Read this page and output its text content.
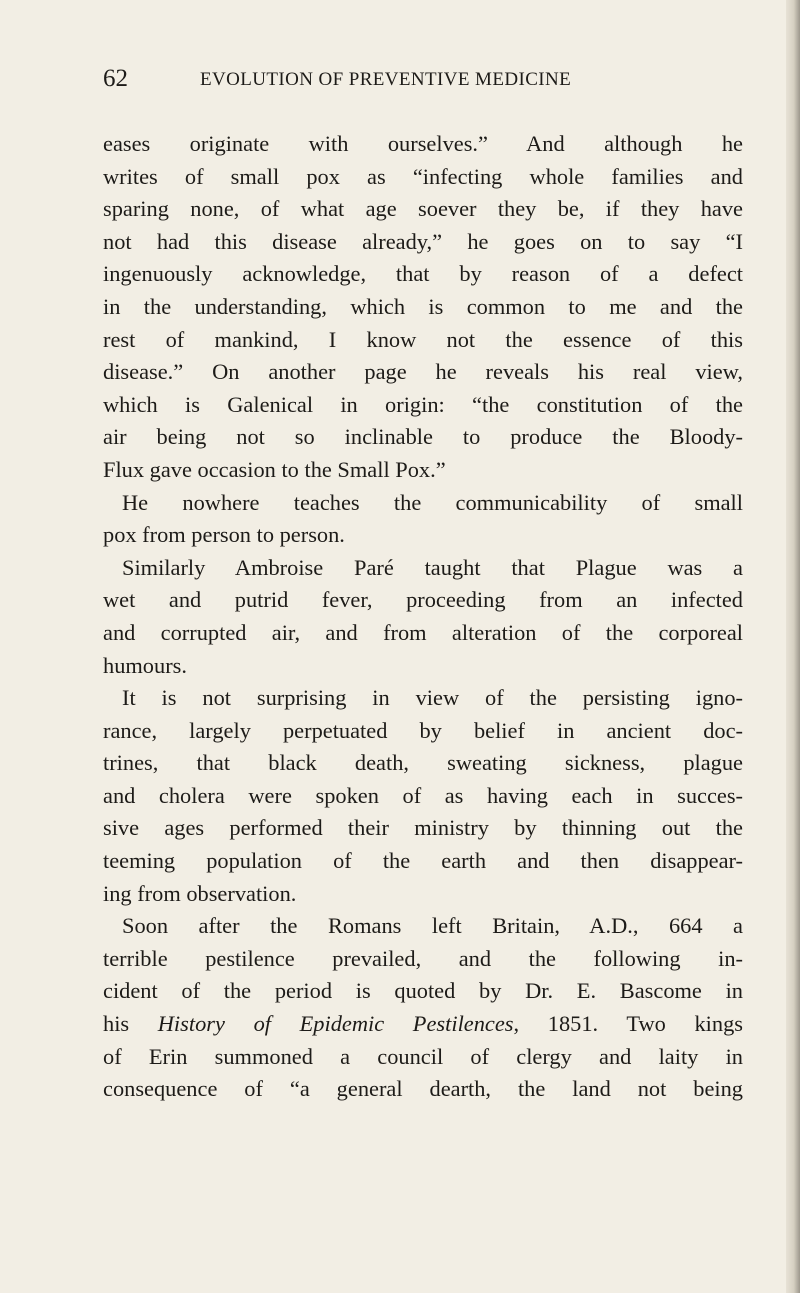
62	EVOLUTION OF PREVENTIVE MEDICINE
eases originate with ourselves.” And although he
writes of small pox as “infecting whole families and
sparing none, of what age soever they be, if they have
not had this disease already,” he goes on to say “I
ingenuously acknowledge, that by reason of a defect
in the understanding, which is common to me and the
rest of mankind, I know not the essence of this
disease.” On another page he reveals his real view,
which is Galenical in origin: “the constitution of the
air being not so inclinable to produce the Bloody-
Flux gave occasion to the Small Pox.”
He nowhere teaches the communicability of small
pox from person to person.
Similarly Ambroise Paré taught that Plague was a
wet and putrid fever, proceeding from an infected
and corrupted air, and from alteration of the corporeal
humours.
It is not surprising in view of the persisting igno-
rance, largely perpetuated by belief in ancient doc-
trines, that black death, sweating sickness, plague
and cholera were spoken of as having each in succes-
sive ages performed their ministry by thinning out the
teeming population of the earth and then disappear-
ing from observation.
Soon after the Romans left Britain, A.D., 664 a
terrible pestilence prevailed, and the following in-
cident of the period is quoted by Dr. E. Bascome in
his History of Epidemic Pestilences, 1851. Two kings
of Erin summoned a council of clergy and laity in
consequence of “a general dearth, the land not being
